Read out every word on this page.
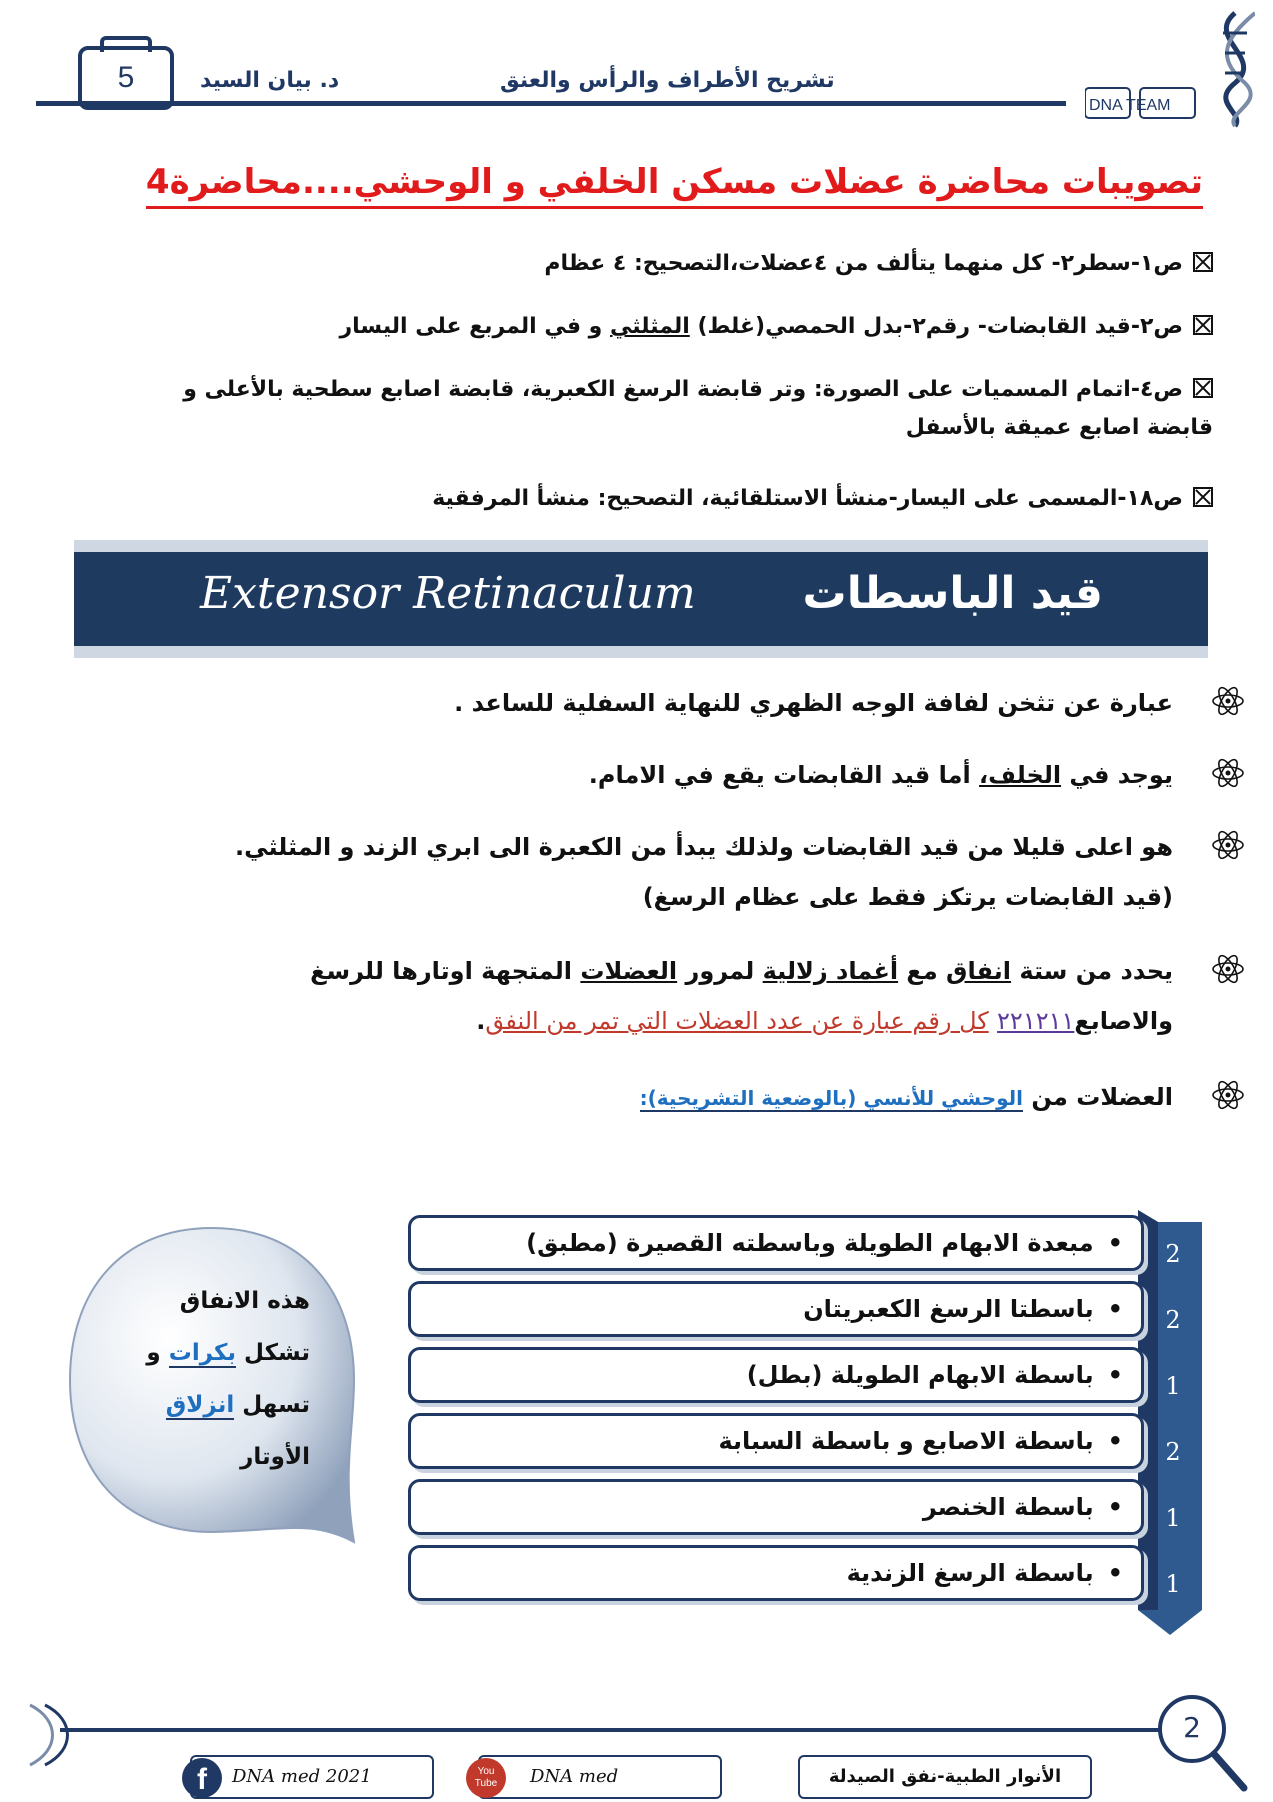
5	د. بيان السيد	تشريح الأطراف والرأس والعنق
DNA TEAM
تصويبات محاضرة عضلات مسكن الخلفي و الوحشي....محاضرة4
ص١-سطر٢- كل منهما يتألف من ٤عضلات،التصحيح: ٤ عظام
ص٢-قيد القابضات- رقم٢-بدل الحمصي(غلط) المثلثي و في المربع على اليسار
ص٤-اتمام المسميات على الصورة: وتر قابضة الرسغ الكعبرية، قابضة اصابع سطحية بالأعلى و قابضة اصابع عميقة بالأسفل
ص١٨-المسمى على اليسار-منشأ الاستلقائية، التصحيح: منشأ المرفقية
Extensor Retinaculum قيد الباسطات
عبارة عن تثخن لفافة الوجه الظهري للنهاية السفلية للساعد .
يوجد في الخلف، أما قيد القابضات يقع في الامام.
هو اعلى قليلا من قيد القابضات ولذلك يبدأ من الكعبرة الى ابري الزند و المثلثي.
(قيد القابضات يرتكز فقط على عظام الرسغ)
يحدد من ستة انفاق مع أغماد زلالية لمرور العضلات المتجهة اوتارها للرسغ
والاصابع٢٢١٢١١ كل رقم عبارة عن عدد العضلات التي تمر من النفق.
العضلات من الوحشي للأنسي (بالوضعية التشريحية):
هذه الانفاق
تشكل بكرات و
تسهل انزلاق
الأوتار
• مبعدة الابهام الطويلة وباسطته القصيرة (مطبق)	2
• باسطتا الرسغ الكعبريتان	2
• باسطة الابهام الطويلة (بطل)	1
• باسطة الاصابع و باسطة السبابة	2
• باسطة الخنصر	1
• باسطة الرسغ الزندية	1
2
DNA med 2021
f	DNA med
You Tube	الأنوار الطبية-نفق الصيدلة
